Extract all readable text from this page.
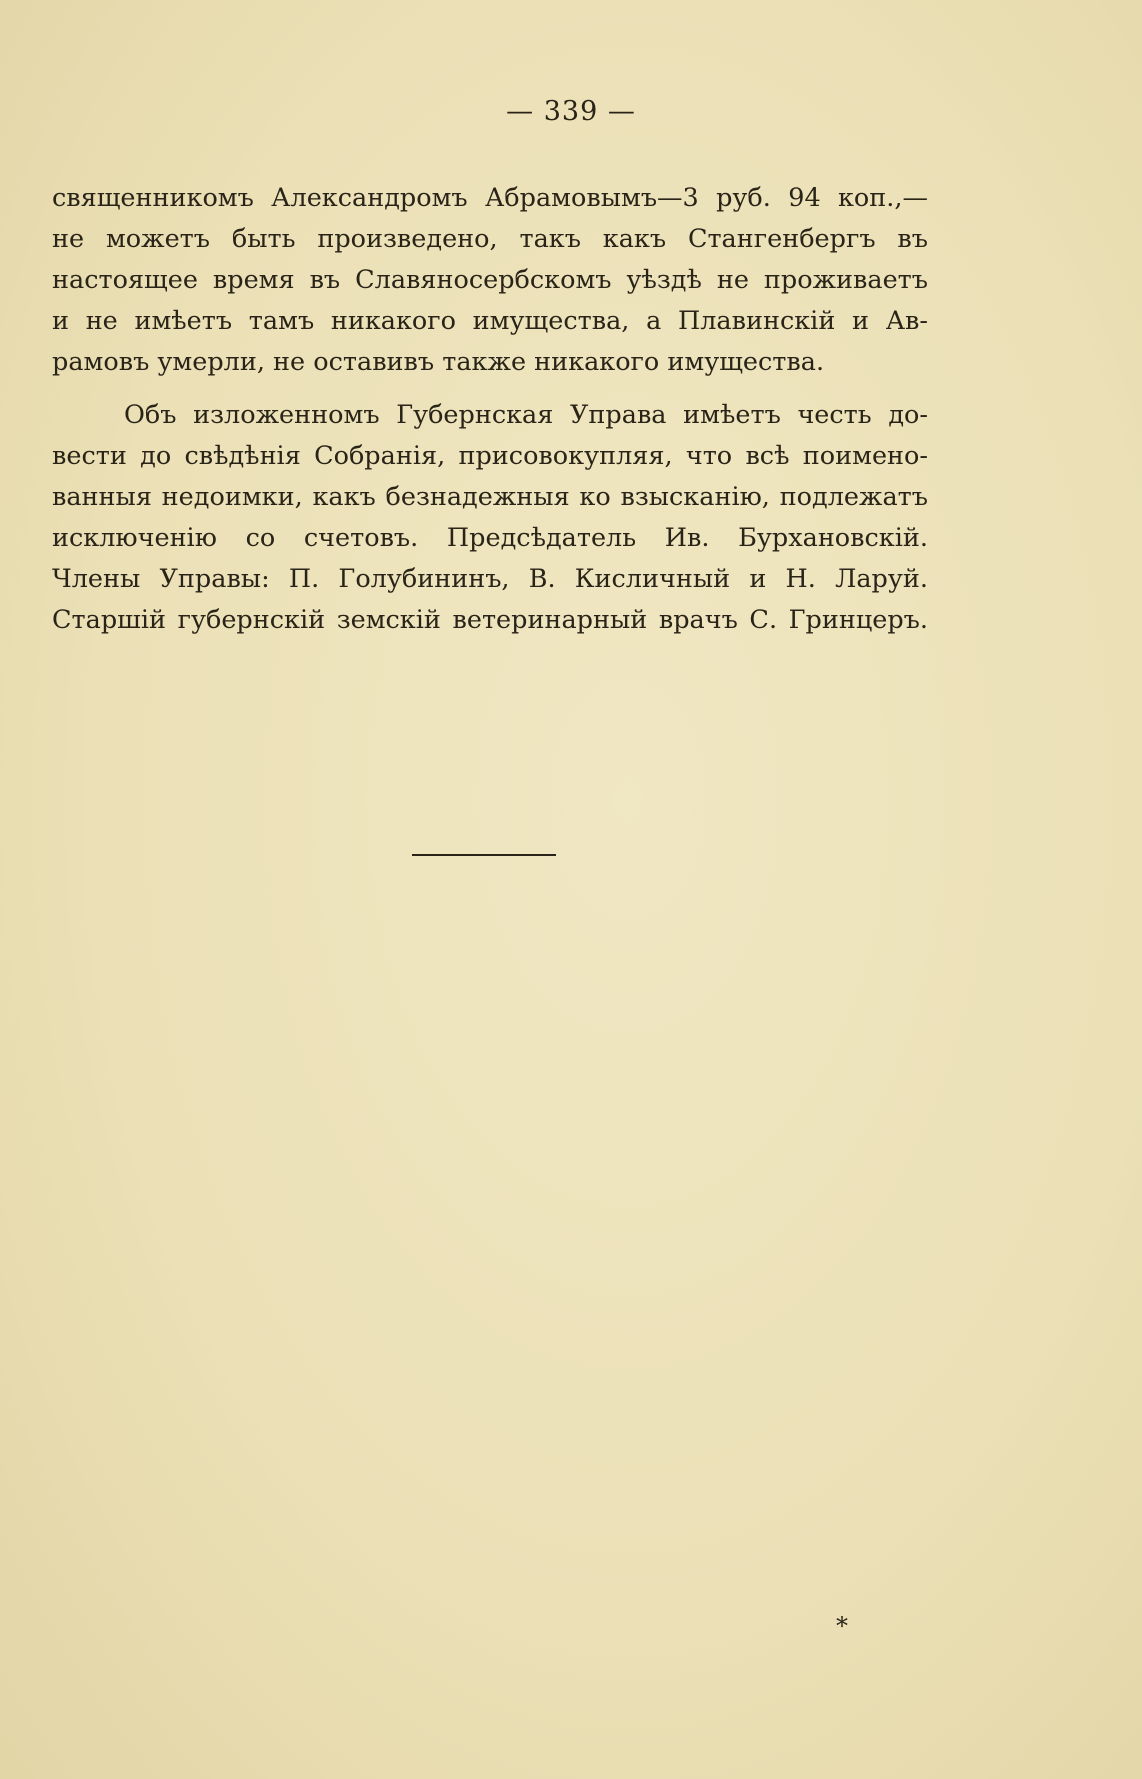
— 339 —
священникомъ Александромъ Абрамовымъ—3 руб. 94 коп.,—
не можетъ быть произведено, такъ какъ Стангенбергъ въ
настоящее время въ Славяносербскомъ уѣздѣ не проживаетъ
и не имѣетъ тамъ никакого имущества, а Плавинскій и Ав-
рамовъ умерли, не оставивъ также никакого имущества.
Объ изложенномъ Губернская Управа имѣетъ честь до-
вести до свѣдѣнія Собранія, присовокупляя, что всѣ поимено-
ванныя недоимки, какъ безнадежныя ко взысканію, подлежатъ
исключенію со счетовъ. Предсѣдатель Ив. Бурхановскій.
Члены Управы: П. Голубининъ, В. Кисличный и Н. Ларуй.
Старшій губернскій земскій ветеринарный врачъ С. Гринцеръ.
*
